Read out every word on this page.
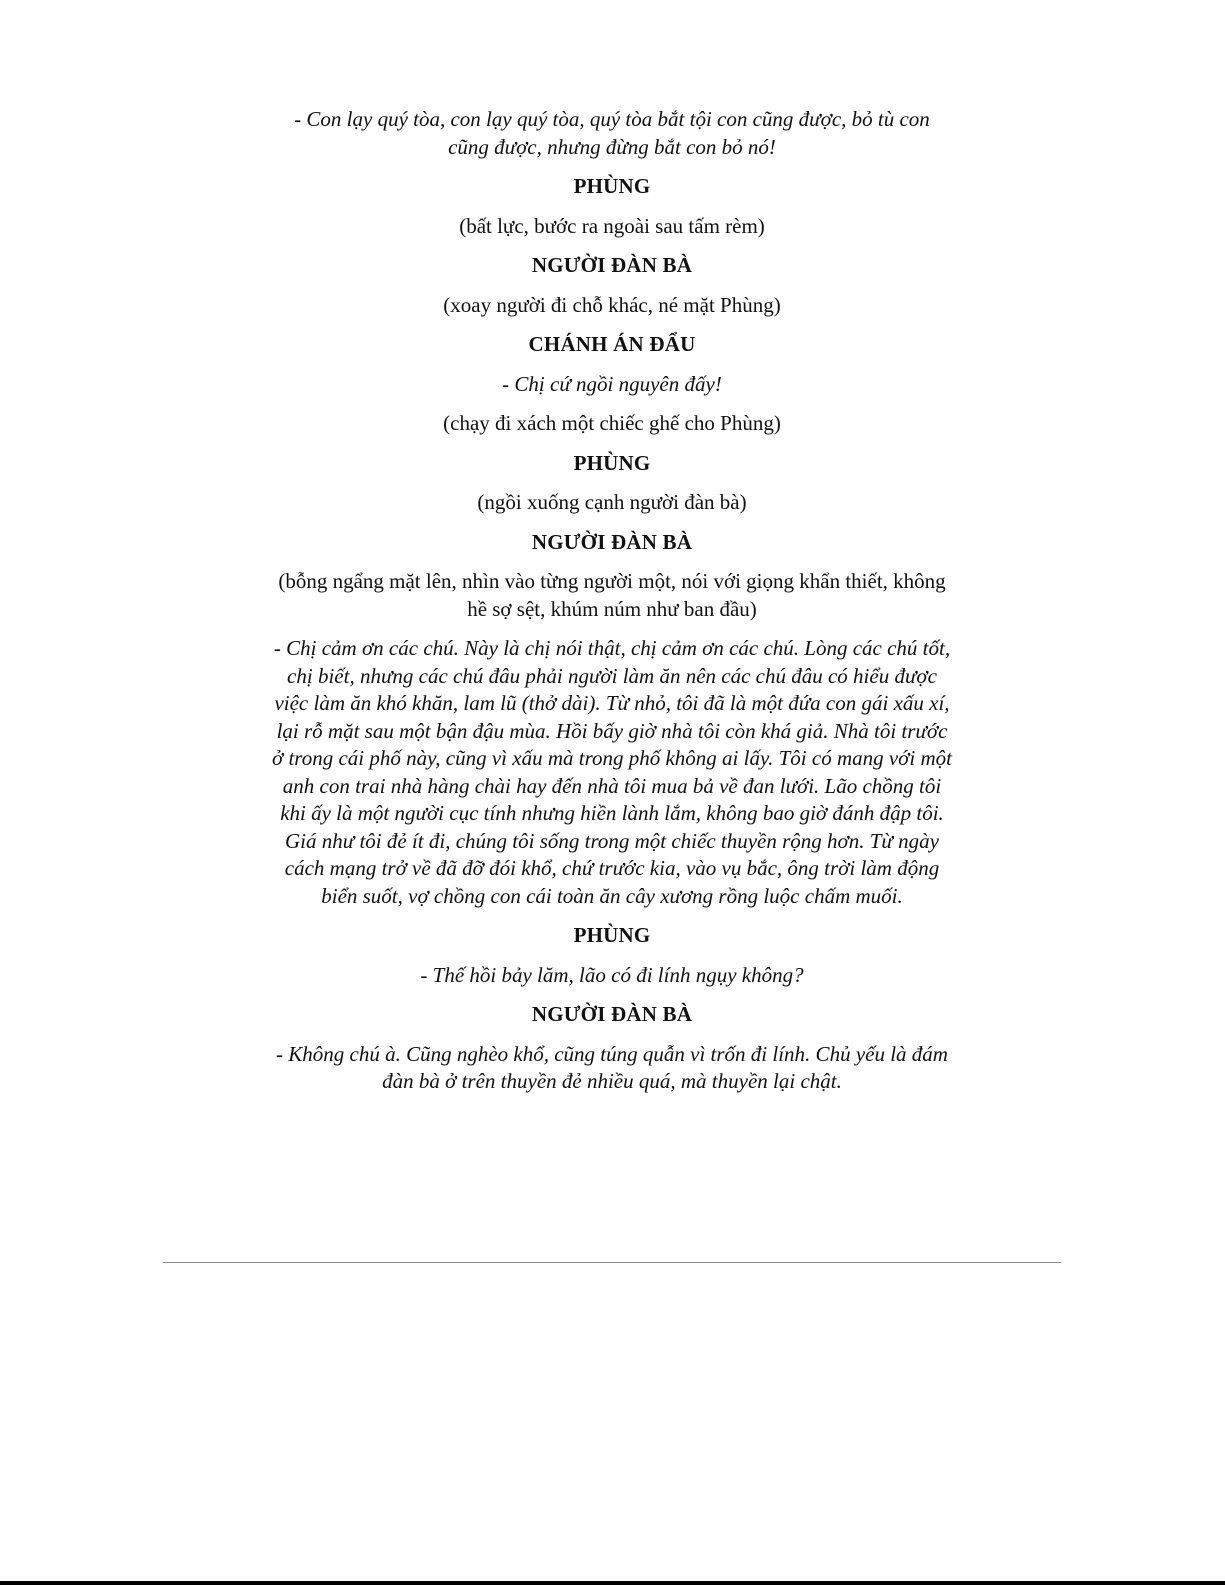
- Con lạy quý tòa, con lạy quý tòa, quý tòa bắt tội con cũng được, bỏ tù con cũng được, nhưng đừng bắt con bỏ nó!

PHÙNG

(bất lực, bước ra ngoài sau tấm rèm)

NGƯỜI ĐÀN BÀ

(xoay người đi chỗ khác, né mặt Phùng)

CHÁNH ÁN ĐẨU

- Chị cứ ngồi nguyên đấy!

(chạy đi xách một chiếc ghế cho Phùng)

PHÙNG

(ngồi xuống cạnh người đàn bà)

NGƯỜI ĐÀN BÀ

(bỗng ngẩng mặt lên, nhìn vào từng người một, nói với giọng khẩn thiết, không hề sợ sệt, khúm núm như ban đầu)

- Chị cảm ơn các chú. Này là chị nói thật, chị cảm ơn các chú. Lòng các chú tốt, chị biết, nhưng các chú đâu phải người làm ăn nên các chú đâu có hiểu được việc làm ăn khó khăn, lam lũ (thở dài). Từ nhỏ, tôi đã là một đứa con gái xấu xí, lại rỗ mặt sau một bận đậu mùa. Hồi bấy giờ nhà tôi còn khá giả. Nhà tôi trước ở trong cái phố này, cũng vì xấu mà trong phố không ai lấy. Tôi có mang với một anh con trai nhà hàng chài hay đến nhà tôi mua bả về đan lưới. Lão chồng tôi khi ấy là một người cục tính nhưng hiền lành lắm, không bao giờ đánh đập tôi. Giá như tôi đẻ ít đi, chúng tôi sống trong một chiếc thuyền rộng hơn. Từ ngày cách mạng trở về đã đỡ đói khổ, chứ trước kia, vào vụ bắc, ông trời làm động biển suốt, vợ chồng con cái toàn ăn cây xương rồng luộc chấm muối.

PHÙNG

- Thế hồi bảy lăm, lão có đi lính ngụy không?

NGƯỜI ĐÀN BÀ

- Không chú à. Cũng nghèo khổ, cũng túng quẫn vì trốn đi lính. Chủ yếu là đám đàn bà ở trên thuyền đẻ nhiều quá, mà thuyền lại chật.
